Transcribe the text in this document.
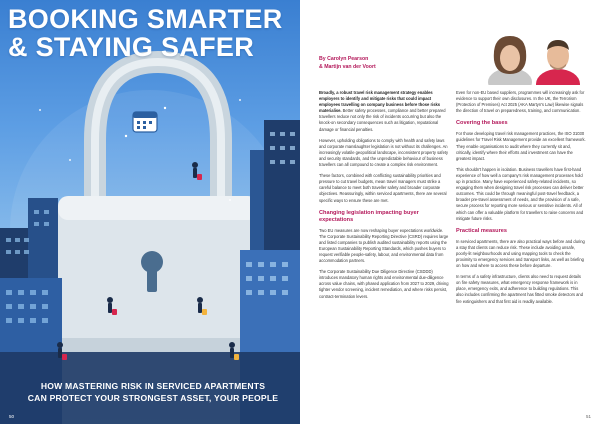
BOOKING SMARTER
& STAYING SAFER
HOW MASTERING RISK IN SERVICED APARTMENTS
CAN PROTECT YOUR STRONGEST ASSET, YOUR PEOPLE
50
By Carolyn Pearson
& Martijn van der Voort

Broadly, a robust travel risk management strategy enables employers to identify and mitigate risks that could impact employees travelling on company business before those risks materialise. Better safety processes, compliance and better prepared travellers reduce not only the risk of incidents occurring but also the knock-on secondary consequences such as litigation, reputational damage or financial penalties.

However, upholding obligations to comply with health and safety laws and corporate manslaughter legislation is not without its challenges. An increasingly volatile geopolitical landscape, inconsistent property safety and security standards, and the unpredictable behaviour of business travellers can all compound to create a complex risk environment.

These factors, combined with conflicting sustainability priorities and pressure to cut travel budgets, mean travel managers must strike a careful balance to meet both traveller safety and broader corporate objectives. Reassuringly, within serviced apartments, there are several specific ways to ensure these are met.

Changing legislation impacting buyer expectations

Two EU measures are now reshaping buyer expectations worldwide. The Corporate Sustainability Reporting Directive (CSRD) requires large and listed companies to publish audited sustainability reports using the European Sustainability Reporting Standards, which pushes buyers to request verifiable people-safety, labour, and environmental data from accommodation partners.

The Corporate Sustainability Due Diligence Directive (CSDDD) introduces mandatory human rights and environmental due-diligence across value chains, with phased application from 2027 to 2029, driving tighter vendor screening, incident remediation, and where risks persist, contract-termination levers.

Even for non-EU based suppliers, programmes will increasingly ask for evidence to support their own disclosures. In the UK, the Terrorism (Protection of Premises) Act 2025 (AKA Martyn's Law) likewise signals the direction of travel on preparedness, training, and communication.

Covering the bases

For those developing travel risk management practices, the ISO 31030 guidelines for Travel Risk Management provide an excellent framework. They enable organisations to audit where they currently sit and, critically, identify where their efforts and investment can have the greatest impact.

This shouldn't happen in isolation. Business travellers have first-hand experience of how well a company's risk management processes hold up in practice. Many have experienced safety-related incidents, so engaging them when designing travel risk processes can deliver better outcomes. This could be through meaningful post-travel feedback, a broader pre-travel assessment of needs, and the provision of a safe, secure process for reporting more serious or sensitive incidents. All of which can offer a valuable platform for travellers to raise concerns and mitigate future risks.

Practical measures

In serviced apartments, there are also practical ways before and during a stay that clients can reduce risk. These include avoiding unsafe, poorly-lit neighbourhoods and using mapping tools to check the proximity to emergency services and transport links, as well as briefing on how and where to access these before departure.

In terms of a safety infrastructure, clients also need to request details on fire safety measures, what emergency response framework is in place, emergency exits, and adherence to building regulations. This also includes confirming the apartment has fitted smoke detectors and fire extinguishers and that first aid is readily available.

51
